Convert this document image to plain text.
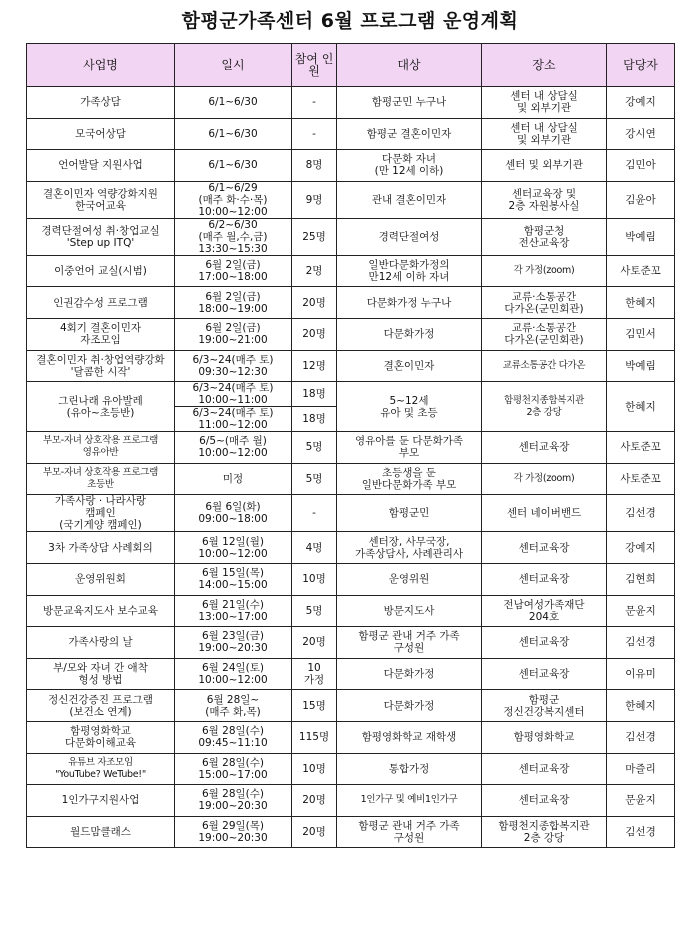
함평군가족센터 6월 프로그램 운영계획
사업명	일시	참여 인원	대상	장소	담당자

가족상담	6/1~6/30	-	함평군민 누구나	센터 내 상담실
및 외부기관	강예지

모국어상담	6/1~6/30	-	함평군 결혼이민자	센터 내 상담실
및 외부기관	강시연

언어발달 지원사업	6/1~6/30	8명	다문화 자녀
(만 12세 이하)	센터 및 외부기관	김민아

결혼이민자 역량강화지원
한국어교육	6/1~6/29
(매주 화·수·목)
10:00~12:00	9명	관내 결혼이민자	센터교육장 및
2층 자원봉사실	김윤아

경력단절여성 취·창업교실
'Step up ITQ'	6/2~6/30
(매주 월,수,금)
13:30~15:30	25명	경력단절여성	함평군청
전산교육장	박예림

이중언어 교실(시범)	6월 2일(금)
17:00~18:00	2명	일반다문화가정의
만12세 이하 자녀	각 가정(zoom)	사토준꼬

인권감수성 프로그램	6월 2일(금)
18:00~19:00	20명	다문화가정 누구나	교류·소통공간
다가온(군민회관)	한혜지

4회기 결혼이민자
자조모임	6월 2일(금)
19:00~21:00	20명	다문화가정	교류·소통공간
다가온(군민회관)	김민서

결혼이민자 취·창업역량강화
'달콤한 시작'	6/3~24(매주 토)
09:30~12:30	12명	결혼이민자	교류소통공간 다가온	박예림

그린나래 유아발레
(유아~초등반)	6/3~24(매주 토)
10:00~11:00	18명	5~12세
유아 및 초등	함평천지종합복지관
2층 강당	한혜지

	6/3~24(매주 토)
11:00~12:00	18명			

부모-자녀 상호작용 프로그램
영유아반	6/5~(매주 월)
10:00~12:00	5명	영유아를 둔 다문화가족
부모	센터교육장	사토준꼬

부모-자녀 상호작용 프로그램
초등반	미정	5명	초등생을 둔
일반다문화가족 부모	각 가정(zoom)	사토준꼬

가족사랑 · 나라사랑
캠페인
(국기게양 캠페인)	6월 6일(화)
09:00~18:00	-	함평군민	센터 네이버밴드	김선경

3차 가족상담 사례회의	6월 12일(월)
10:00~12:00	4명	센터장, 사무국장,
가족상담사, 사례관리사	센터교육장	강예지

운영위원회	6월 15일(목)
14:00~15:00	10명	운영위원	센터교육장	김현희

방문교육지도사 보수교육	6월 21일(수)
13:00~17:00	5명	방문지도사	전남여성가족재단
204호	문윤지

가족사랑의 날	6월 23일(금)
19:00~20:30	20명	함평군 관내 거주 가족
구성원	센터교육장	김선경

부/모와 자녀 간 애착
형성 방법	6월 24일(토)
10:00~12:00	10
가정	다문화가정	센터교육장	이유미

정신건강증진 프로그램
(보건소 연계)	6월 28일~
(매주 화,목)	15명	다문화가정	함평군
정신건강복지센터	한혜지

함평영화학교
다문화이해교육	6월 28일(수)
09:45~11:10	115명	함평영화학교 재학생	함평영화학교	김선경

유튜브 자조모임
"YouTube? WeTube!"	6월 28일(수)
15:00~17:00	10명	통합가정	센터교육장	마즐리

1인가구지원사업	6월 28일(수)
19:00~20:30	20명	1인가구 및 예비1인가구	센터교육장	문윤지

월드맘클래스	6월 29일(목)
19:00~20:30	20명	함평군 관내 거주 가족
구성원	함평천지종합복지관
2층 강당	김선경
